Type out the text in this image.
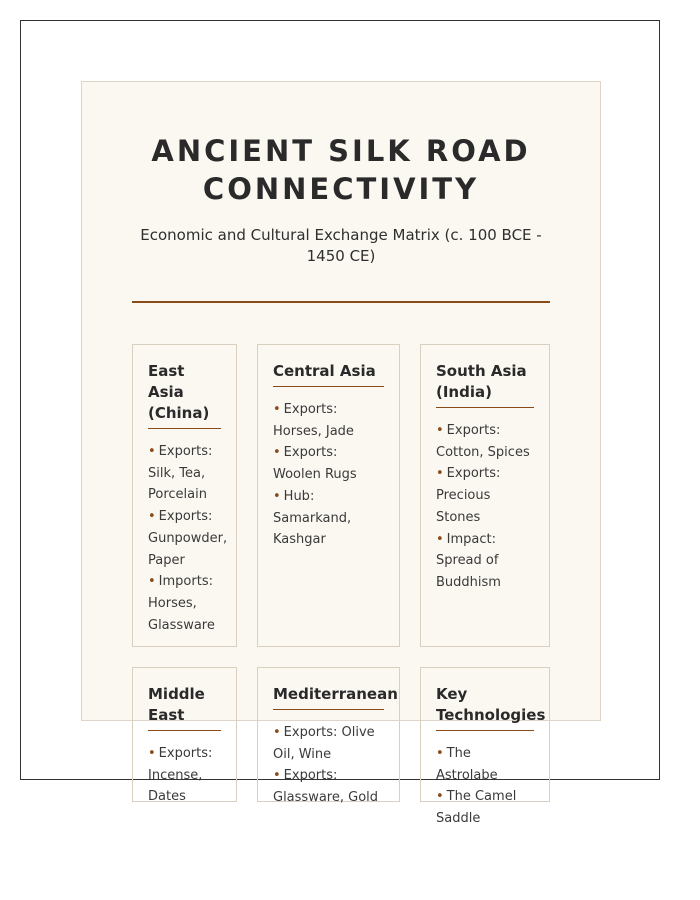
ANCIENT SILK ROAD CONNECTIVITY

Economic and Cultural Exchange Matrix (c. 100 BCE - 1450 CE)

East Asia (China)
• Exports: Silk, Tea, Porcelain
• Exports: Gunpowder, Paper
• Imports: Horses, Glassware
Central Asia
• Exports: Horses, Jade
• Exports: Woolen Rugs
• Hub: Samarkand, Kashgar
South Asia (India)
• Exports: Cotton, Spices
• Exports: Precious Stones
• Impact: Spread of Buddhism
Middle East
• Exports: Incense, Dates
Mediterranean
• Exports: Olive Oil, Wine
• Exports: Glassware, Gold
Key Technologies
• The Astrolabe
• The Camel Saddle
